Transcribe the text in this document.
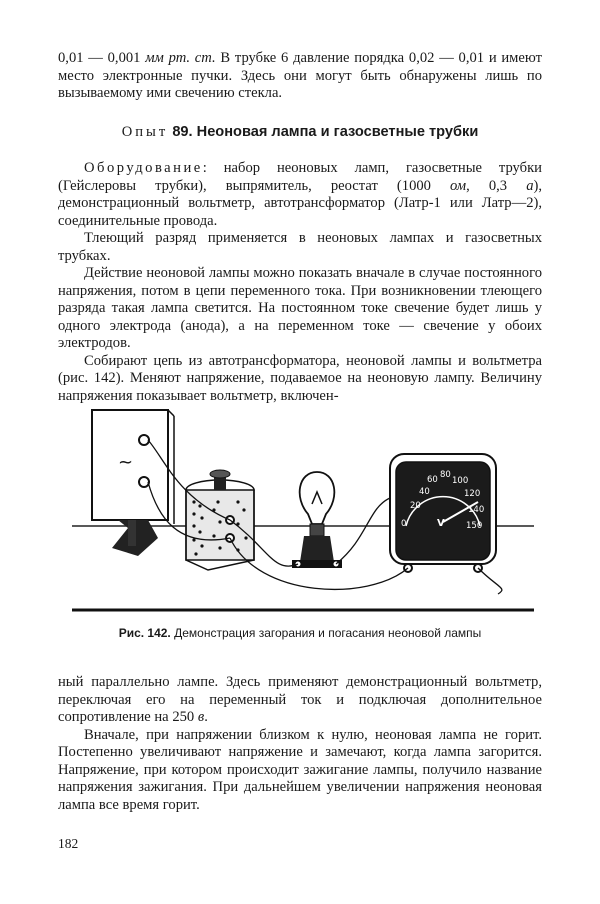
0,01 — 0,001 мм рт. ст. В трубке 6 давление порядка 0,02 — 0,01 и имеют место электронные пучки. Здесь они могут быть обнаружены лишь по вызываемому ими свечению стекла.

Опыт 89. Неоновая лампа и газосветные трубки

Оборудование: набор неоновых ламп, газосветные трубки (Гейслеровы трубки), выпрямитель, реостат (1000 ом, 0,3 а), демонстрационный вольтметр, автотрансформатор (Латр-1 или Латр—2), соединительные провода.

Тлеющий разряд применяется в неоновых лампах и газосветных трубках.

Действие неоновой лампы можно показать вначале в случае постоянного напряжения, потом в цепи переменного тока. При возникновении тлеющего разряда такая лампа светится. На постоянном токе свечение будет лишь у одного электрода (анода), а на переменном токе — свечение у обоих электродов.

Собирают цепь из автотрансформатора, неоновой лампы и вольтметра (рис. 142). Меняют напряжение, подаваемое на неоновую лампу. Величину напряжения показывает вольтметр, включен-

~
0
20
40
60 80
100
120
140
150
V
Рис. 142. Демонстрация загорания и погасания неоновой лампы

ный параллельно лампе. Здесь применяют демонстрационный вольтметр, переключая его на переменный ток и подключая дополнительное сопротивление на 250 в.

Вначале, при напряжении близком к нулю, неоновая лампа не горит. Постепенно увеличивают напряжение и замечают, когда лампа загорится. Напряжение, при котором происходит зажигание лампы, получило название напряжения зажигания. При дальнейшем увеличении напряжения неоновая лампа все время горит.

182
